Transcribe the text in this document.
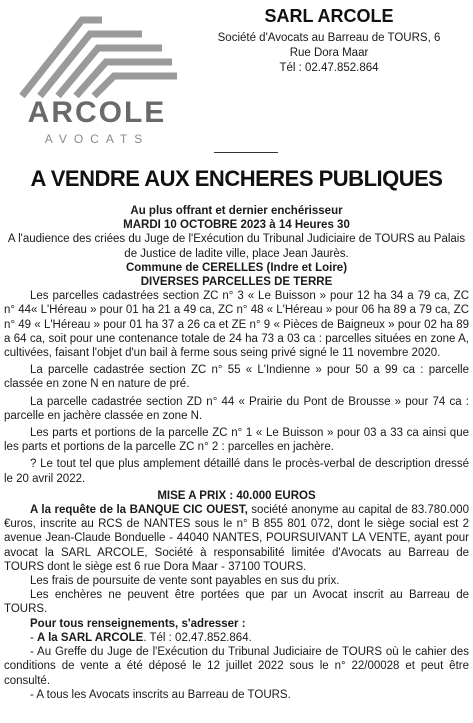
ARCOLE
AVOCATS
SARL ARCOLE
Société d'Avocats au Barreau de TOURS, 6
Rue Dora Maar
Tél : 02.47.852.864
A VENDRE AUX ENCHERES PUBLIQUES

Au plus offrant et dernier enchérisseur

MARDI 10 OCTOBRE 2023 à 14 Heures 30

A l'audience des criées du Juge de l'Exécution du Tribunal Judiciaire de TOURS au Palais de Justice de ladite ville, place Jean Jaurès.

Commune de CERELLES (Indre et Loire)

DIVERSES PARCELLES DE TERRE

Les parcelles cadastrées section ZC n° 3 « Le Buisson » pour 12 ha 34 a 79 ca, ZC n° 44« L'Héreau » pour 01 ha 21 a 49 ca, ZC n° 48 « L'Héreau » pour 06 ha 89 a 79 ca, ZC n° 49 « L'Héreau » pour 01 ha 37 a 26 ca et ZE n° 9 « Pièces de Baigneux » pour 02 ha 89 a 64 ca, soit pour une contenance totale de 24 ha 73 a 03 ca : parcelles situées en zone A, cultivées, faisant l'objet d'un bail à ferme sous seing privé signé le 11 novembre 2020.

La parcelle cadastrée section ZC n° 55 « L'Indienne » pour 50 a 99 ca : parcelle classée en zone N en nature de pré.

La parcelle cadastrée section ZD n° 44 « Prairie du Pont de Brousse » pour 74 ca : parcelle en jachère classée en zone N.

Les parts et portions de la parcelle ZC n° 1 « Le Buisson » pour 03 a 33 ca ainsi que les parts et portions de la parcelle ZC n° 2 : parcelles en jachère.

? Le tout tel que plus amplement détaillé dans le procès-verbal de description dressé le 20 avril 2022.

MISE A PRIX : 40.000 EUROS

A la requête de la BANQUE CIC OUEST, société anonyme au capital de 83.780.000 €uros, inscrite au RCS de NANTES sous le n° B 855 801 072, dont le siège social est 2 avenue Jean-Claude Bonduelle - 44040 NANTES, POURSUIVANT LA VENTE, ayant pour avocat la SARL ARCOLE, Société à responsabilité limitée d'Avocats au Barreau de TOURS dont le siège est 6 rue Dora Maar - 37100 TOURS.

Les frais de poursuite de vente sont payables en sus du prix.

Les enchères ne peuvent être portées que par un Avocat inscrit au Barreau de TOURS.

Pour tous renseignements, s'adresser :

- A la SARL ARCOLE. Tél : 02.47.852.864.

- Au Greffe du Juge de l'Exécution du Tribunal Judiciaire de TOURS où le cahier des conditions de vente a été déposé le 12 juillet 2022 sous le n° 22/00028 et peut être consulté.

- A tous les Avocats inscrits au Barreau de TOURS.
